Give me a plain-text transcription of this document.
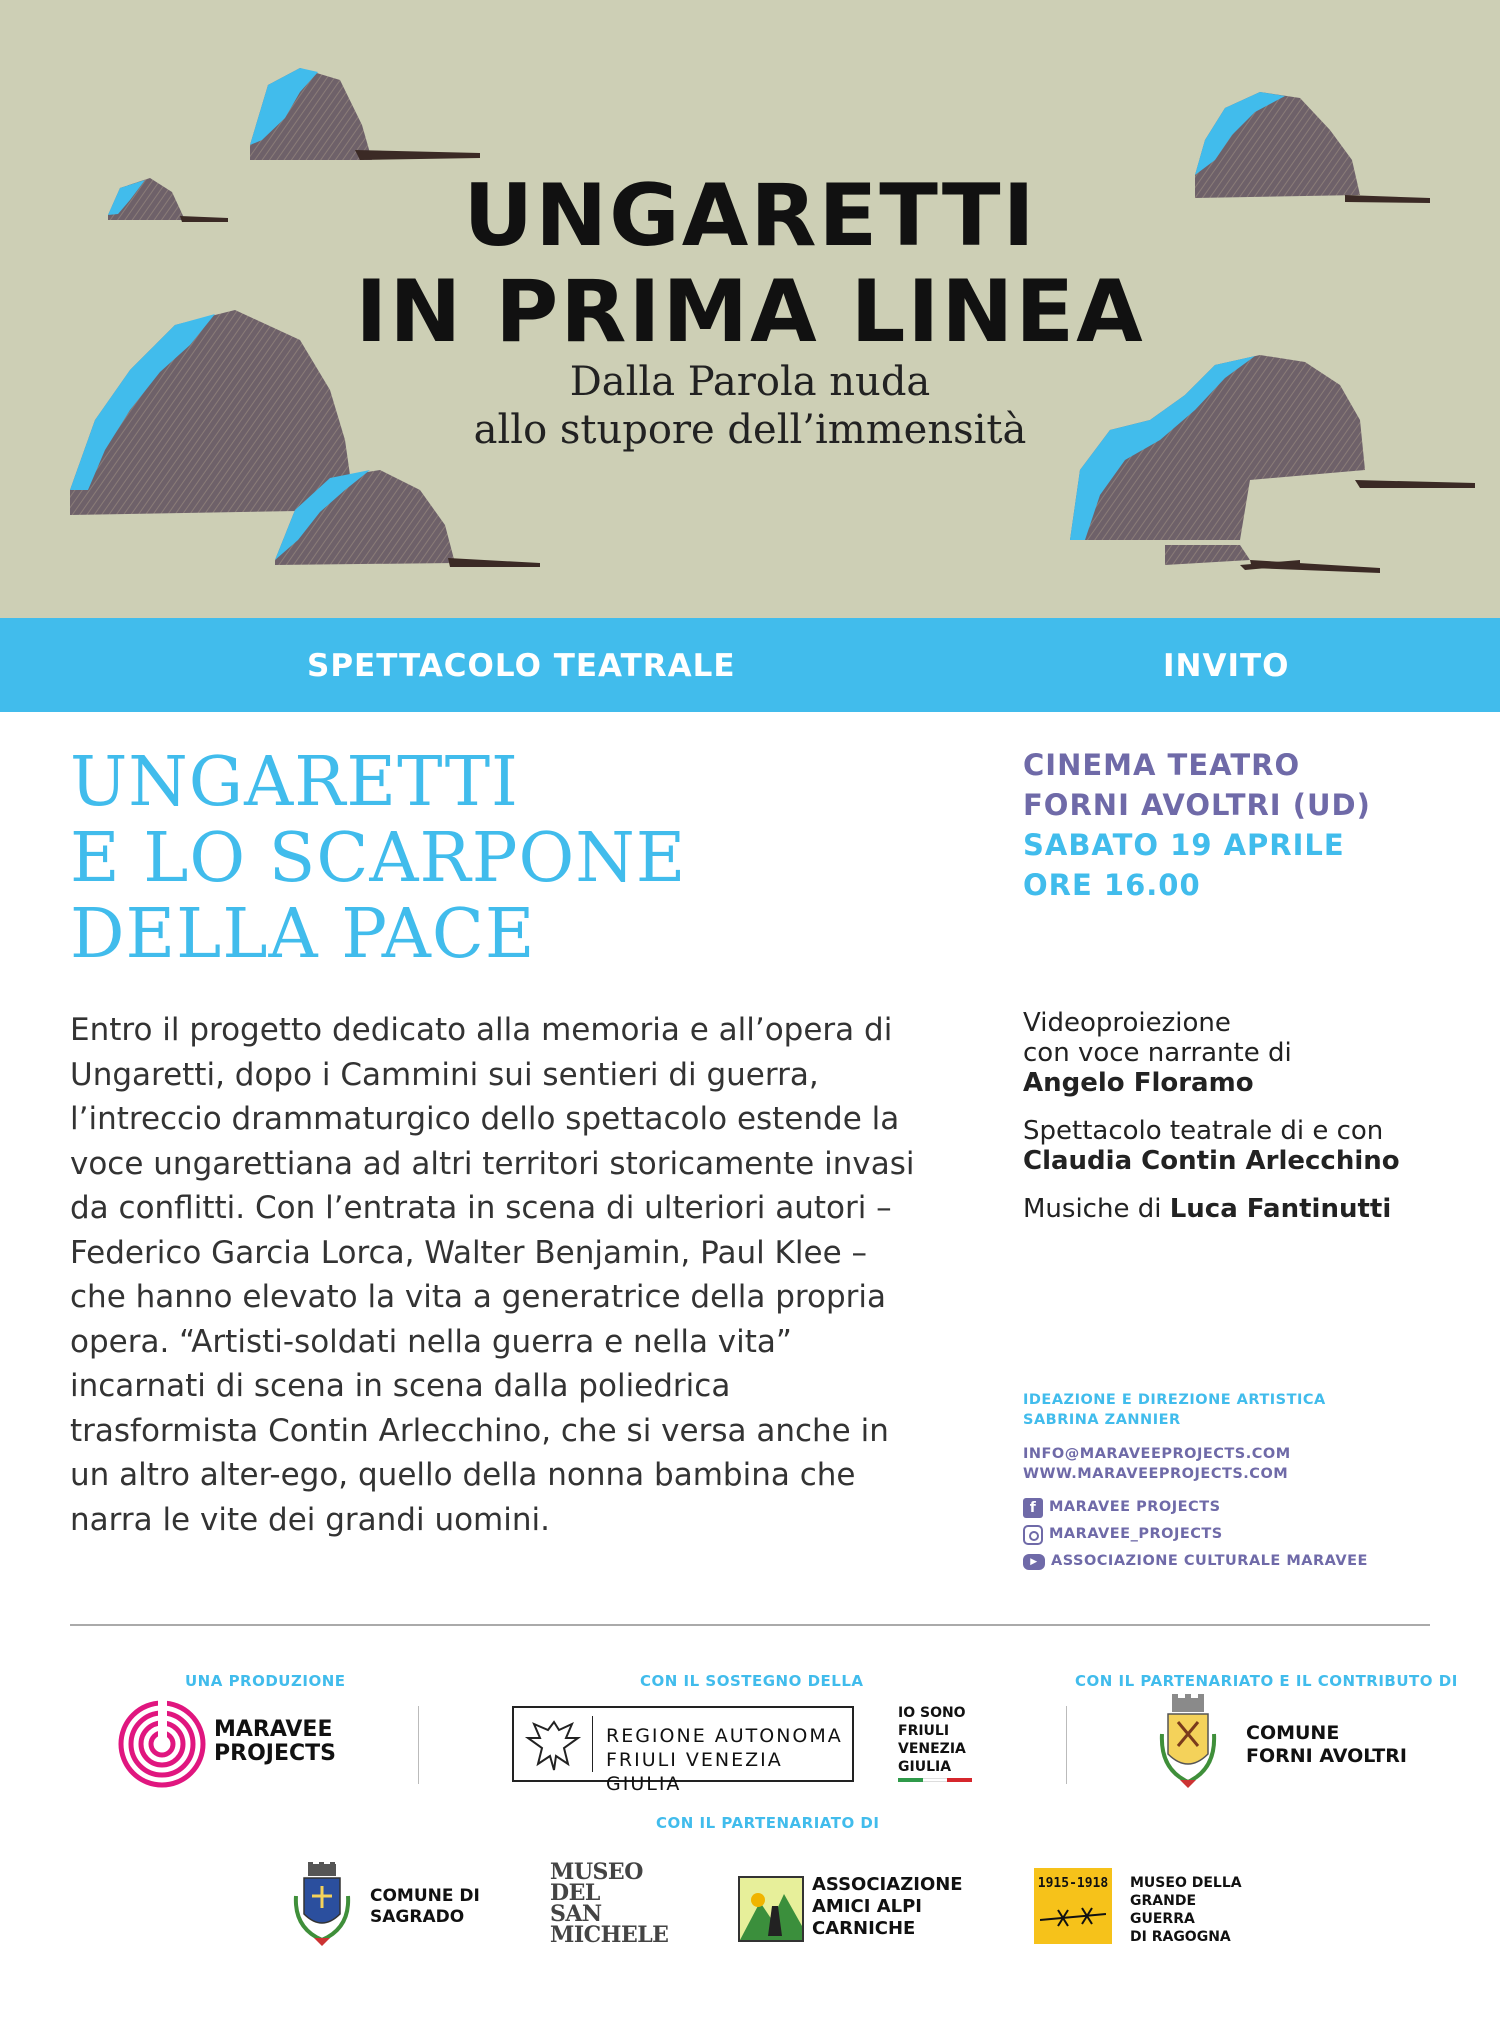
UNGARETTI
IN PRIMA LINEA
Dalla Parola nuda
allo stupore dell’immensità
SPETTACOLO TEATRALE	INVITO
UNGARETTI
E LO SCARPONE
DELLA PACE
Entro il progetto dedicato alla memoria e all’opera di Ungaretti, dopo i Cammini sui sentieri di guerra, l’intreccio drammaturgico dello spettacolo estende la voce ungarettiana ad altri territori storicamente invasi da conflitti. Con l’entrata in scena di ulteriori autori – Federico Garcia Lorca, Walter Benjamin, Paul Klee – che hanno elevato la vita a generatrice della propria opera. “Artisti-soldati nella guerra e nella vita” incarnati di scena in scena dalla poliedrica trasformista Contin Arlecchino, che si versa anche in un altro alter-ego, quello della nonna bambina che narra le vite dei grandi uomini.
CINEMA TEATRO
FORNI AVOLTRI (UD)
SABATO 19 APRILE
ORE 16.00
Videoproiezione
con voce narrante di
Angelo Floramo
Spettacolo teatrale di e con
Claudia Contin Arlecchino
Musiche di Luca Fantinutti
IDEAZIONE E DIREZIONE ARTISTICA
SABRINA ZANNIER
INFO@MARAVEEPROJECTS.COM
WWW.MARAVEEPROJECTS.COM
f MARAVEE PROJECTS
MARAVEE_PROJECTS
▶ ASSOCIAZIONE CULTURALE MARAVEE
UNA PRODUZIONE	CON IL SOSTEGNO DELLA	CON IL PARTENARIATO E IL CONTRIBUTO DI
MARAVEE
PROJECTS
REGIONE AUTONOMA
FRIULI VENEZIA GIULIA
IO SONO
FRIULI
VENEZIA
GIULIA
COMUNE
FORNI AVOLTRI
CON IL PARTENARIATO DI
COMUNE DI
SAGRADO
MUSEO
DEL
SAN
MICHELE
ASSOCIAZIONE
AMICI ALPI
CARNICHE
1915-1918 MUSEO DELLA
GRANDE
GUERRA
DI RAGOGNA
